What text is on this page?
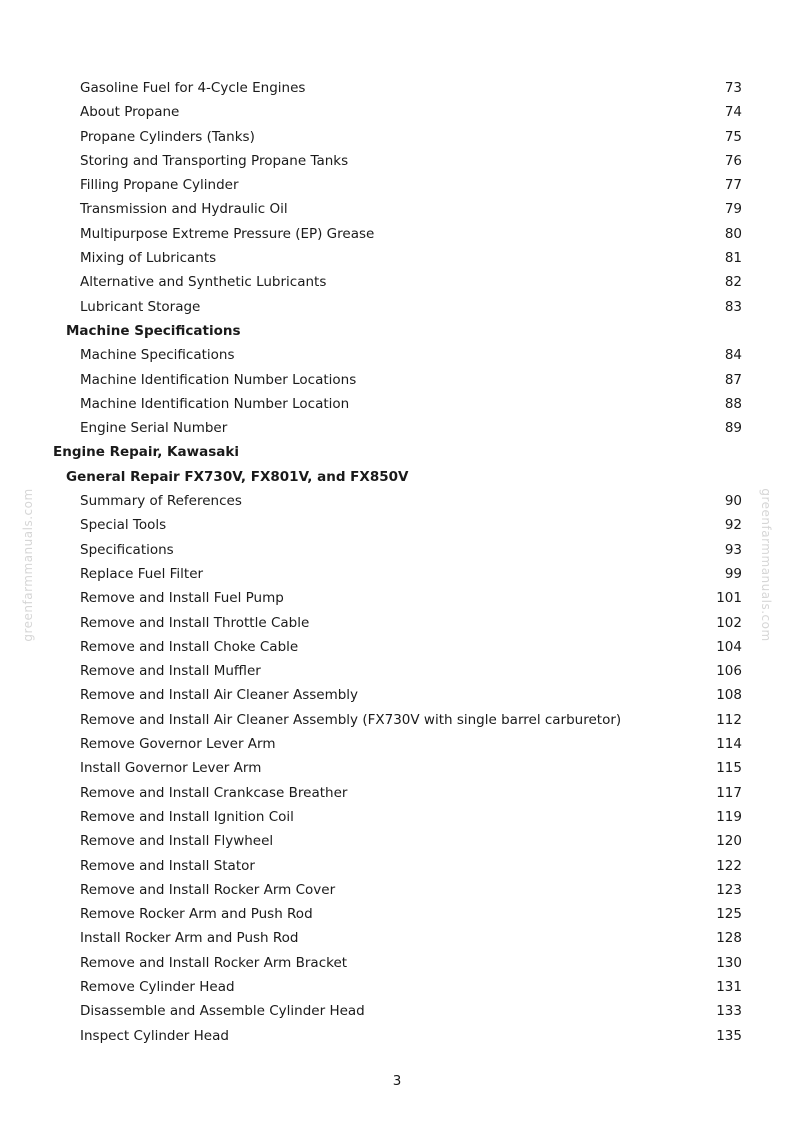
greenfarmmanuals.com	greenfarmmanuals.com
Gasoline Fuel for 4-Cycle Engines	73
About Propane	74
Propane Cylinders (Tanks)	75
Storing and Transporting Propane Tanks	76
Filling Propane Cylinder	77
Transmission and Hydraulic Oil	79
Multipurpose Extreme Pressure (EP) Grease	80
Mixing of Lubricants	81
Alternative and Synthetic Lubricants	82
Lubricant Storage	83
Machine Specifications
Machine Specifications	84
Machine Identification Number Locations	87
Machine Identification Number Location	88
Engine Serial Number	89
Engine Repair, Kawasaki
General Repair FX730V, FX801V, and FX850V
Summary of References	90
Special Tools	92
Specifications	93
Replace Fuel Filter	99
Remove and Install Fuel Pump	101
Remove and Install Throttle Cable	102
Remove and Install Choke Cable	104
Remove and Install Muffler	106
Remove and Install Air Cleaner Assembly	108
Remove and Install Air Cleaner Assembly (FX730V with single barrel carburetor)	112
Remove Governor Lever Arm	114
Install Governor Lever Arm	115
Remove and Install Crankcase Breather	117
Remove and Install Ignition Coil	119
Remove and Install Flywheel	120
Remove and Install Stator	122
Remove and Install Rocker Arm Cover	123
Remove Rocker Arm and Push Rod	125
Install Rocker Arm and Push Rod	128
Remove and Install Rocker Arm Bracket	130
Remove Cylinder Head	131
Disassemble and Assemble Cylinder Head	133
Inspect Cylinder Head	135
3
